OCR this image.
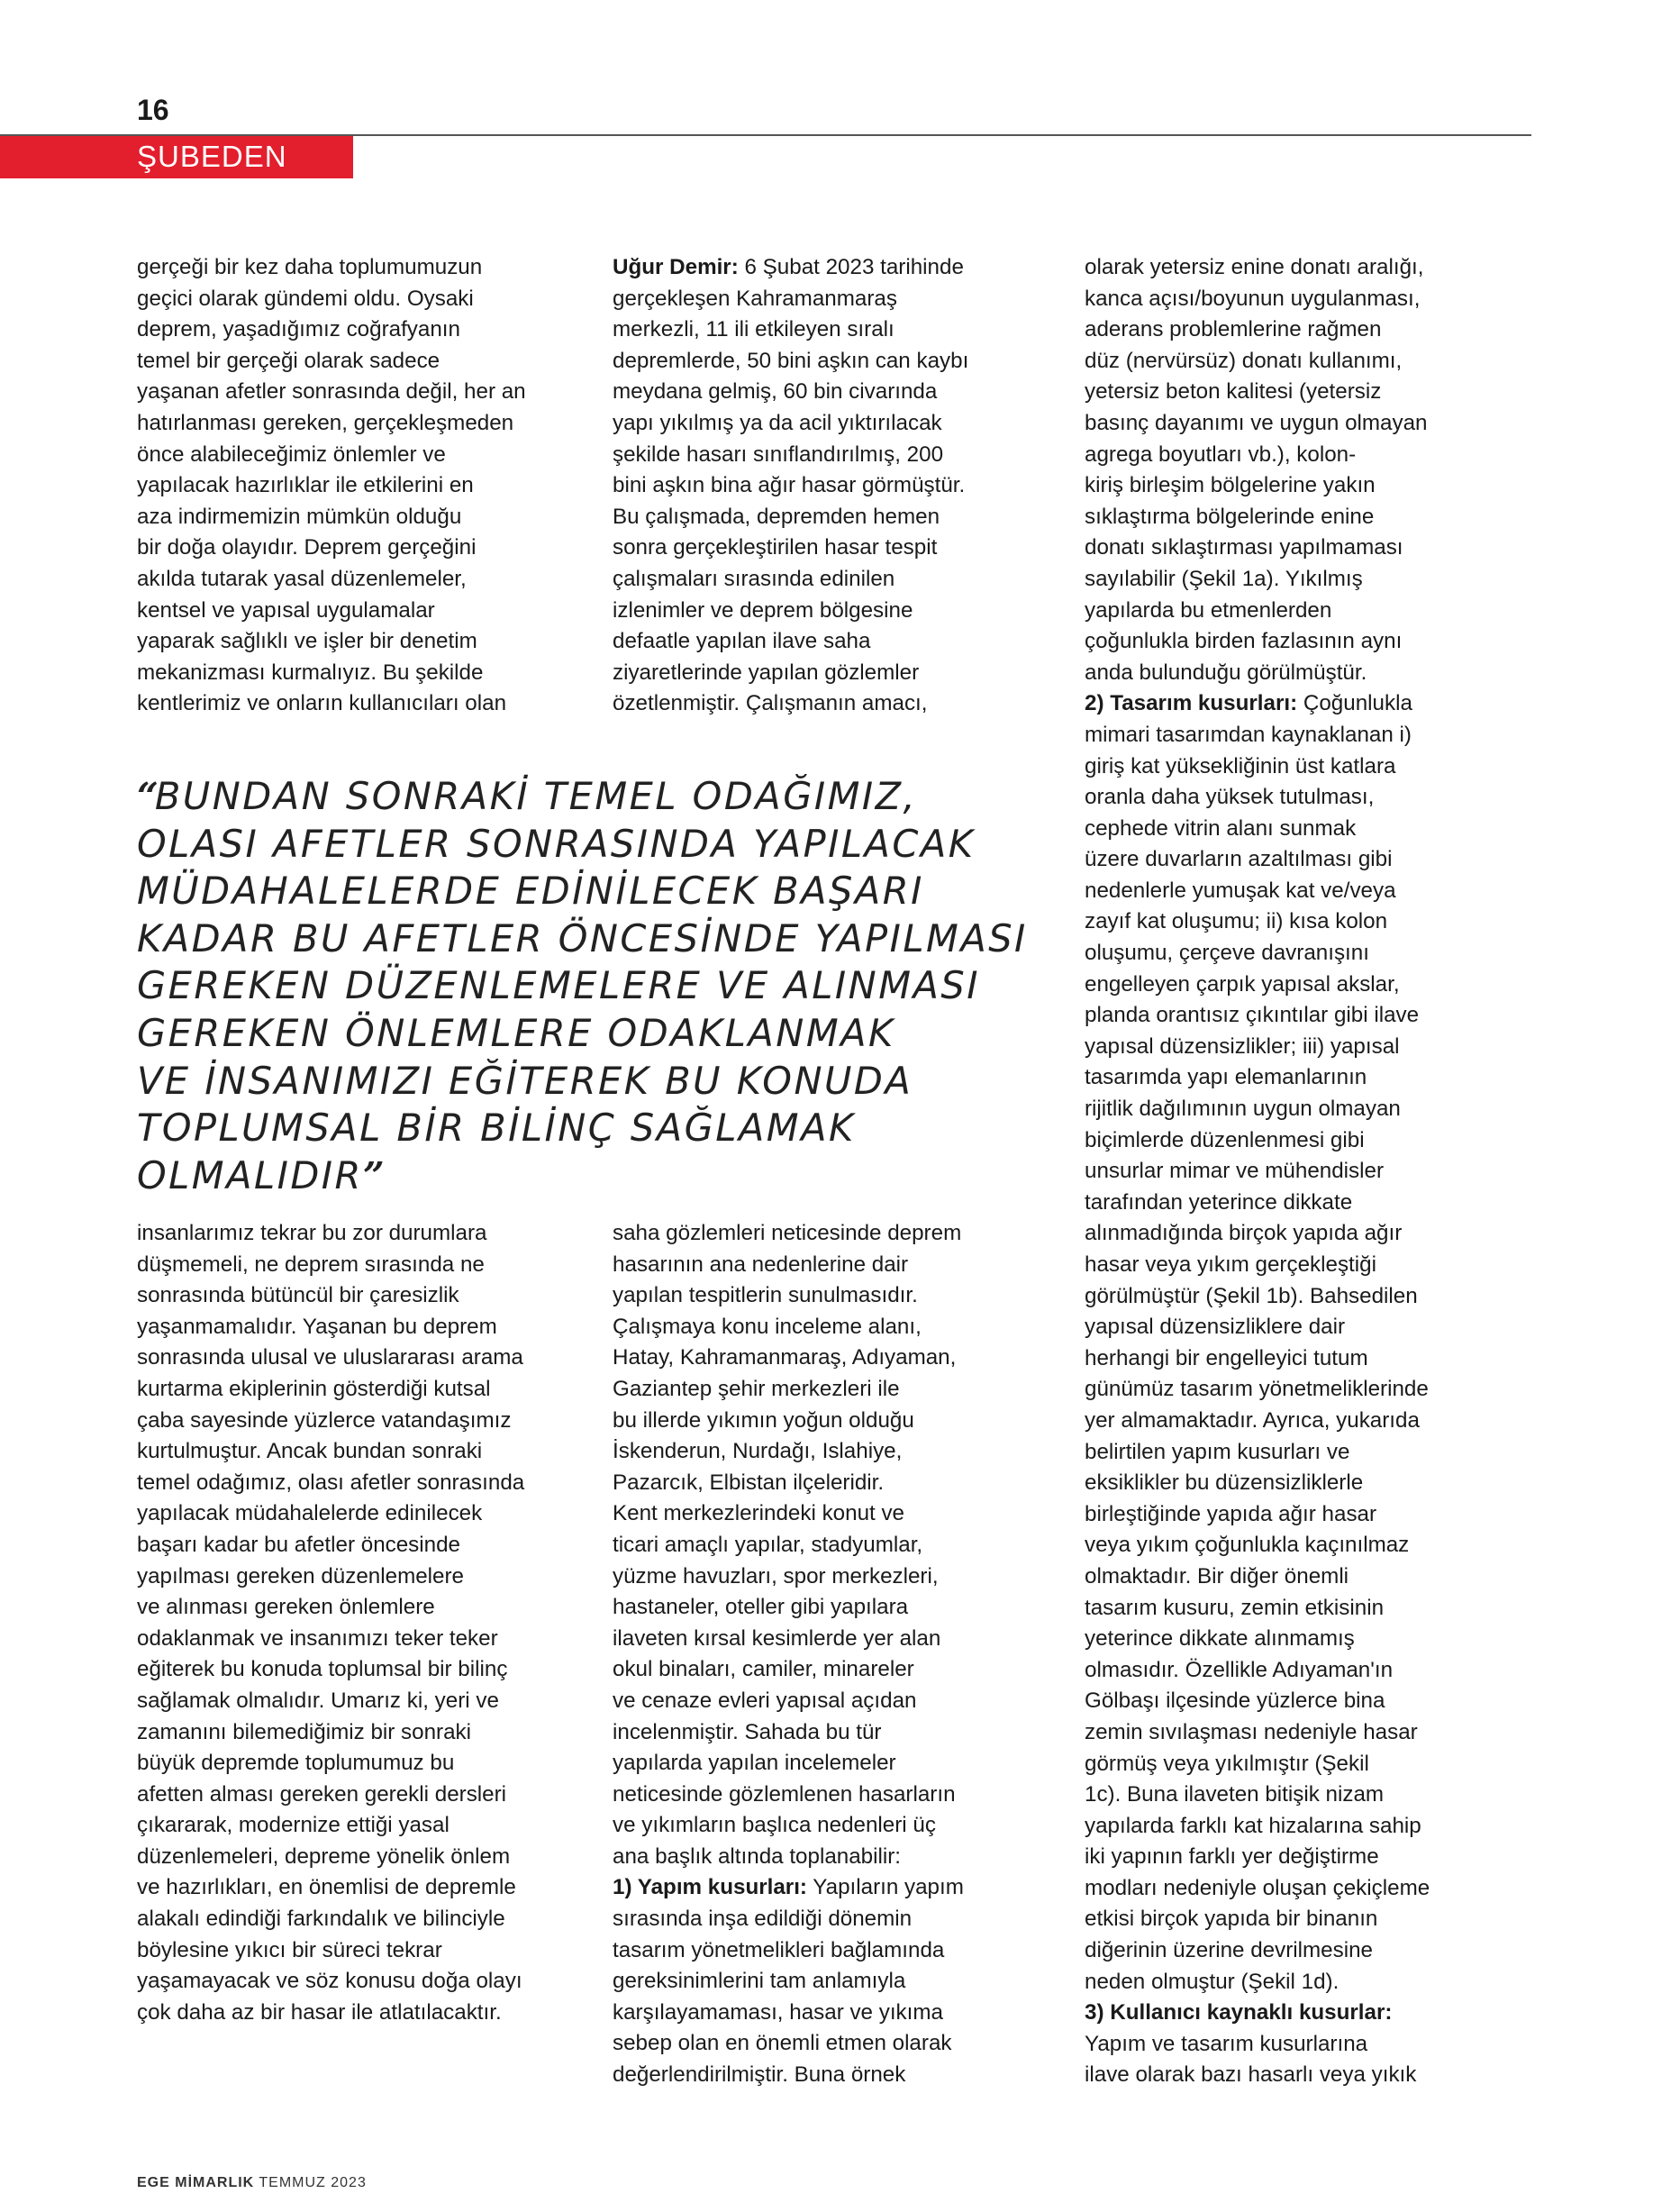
16
ŞUBEDEN

gerçeği bir kez daha toplumumuzun
geçici olarak gündemi oldu. Oysaki
deprem, yaşadığımız coğrafyanın
temel bir gerçeği olarak sadece
yaşanan afetler sonrasında değil, her an
hatırlanması gereken, gerçekleşmeden
önce alabileceğimiz önlemler ve
yapılacak hazırlıklar ile etkilerini en
aza indirmemizin mümkün olduğu
bir doğa olayıdır. Deprem gerçeğini
akılda tutarak yasal düzenlemeler,
kentsel ve yapısal uygulamalar
yaparak sağlıklı ve işler bir denetim
mekanizması kurmalıyız. Bu şekilde
kentlerimiz ve onların kullanıcıları olan

Uğur Demir: 6 Şubat 2023 tarihinde
gerçekleşen Kahramanmaraş
merkezli, 11 ili etkileyen sıralı
depremlerde, 50 bini aşkın can kaybı
meydana gelmiş, 60 bin civarında
yapı yıkılmış ya da acil yıktırılacak
şekilde hasarı sınıflandırılmış, 200
bini aşkın bina ağır hasar görmüştür.
Bu çalışmada, depremden hemen
sonra gerçekleştirilen hasar tespit
çalışmaları sırasında edinilen
izlenimler ve deprem bölgesine
defaatle yapılan ilave saha
ziyaretlerinde yapılan gözlemler
özetlenmiştir. Çalışmanın amacı,

“BUNDAN SONRAKİ TEMEL ODAĞIMIZ,
OLASI AFETLER SONRASINDA YAPILACAK
MÜDAHALELERDE EDİNİLECEK BAŞARI
KADAR BU AFETLER ÖNCESİNDE YAPILMASI
GEREKEN DÜZENLEMELERE VE ALINMASI
GEREKEN ÖNLEMLERE ODAKLANMAK
VE İNSANIMIZI EĞİTEREK BU KONUDA
TOPLUMSAL BİR BİLİNÇ SAĞLAMAK
OLMALIDIR”

insanlarımız tekrar bu zor durumlara
düşmemeli, ne deprem sırasında ne
sonrasında bütüncül bir çaresizlik
yaşanmamalıdır. Yaşanan bu deprem
sonrasında ulusal ve uluslararası arama
kurtarma ekiplerinin gösterdiği kutsal
çaba sayesinde yüzlerce vatandaşımız
kurtulmuştur. Ancak bundan sonraki
temel odağımız, olası afetler sonrasında
yapılacak müdahalelerde edinilecek
başarı kadar bu afetler öncesinde
yapılması gereken düzenlemelere
ve alınması gereken önlemlere
odaklanmak ve insanımızı teker teker
eğiterek bu konuda toplumsal bir bilinç
sağlamak olmalıdır. Umarız ki, yeri ve
zamanını bilemediğimiz bir sonraki
büyük depremde toplumumuz bu
afetten alması gereken gerekli dersleri
çıkararak, modernize ettiği yasal
düzenlemeleri, depreme yönelik önlem
ve hazırlıkları, en önemlisi de depremle
alakalı edindiği farkındalık ve bilinciyle
böylesine yıkıcı bir süreci tekrar
yaşamayacak ve söz konusu doğa olayı
çok daha az bir hasar ile atlatılacaktır.

saha gözlemleri neticesinde deprem
hasarının ana nedenlerine dair
yapılan tespitlerin sunulmasıdır.
Çalışmaya konu inceleme alanı,
Hatay, Kahramanmaraş, Adıyaman,
Gaziantep şehir merkezleri ile
bu illerde yıkımın yoğun olduğu
İskenderun, Nurdağı, Islahiye,
Pazarcık, Elbistan ilçeleridir.
Kent merkezlerindeki konut ve
ticari amaçlı yapılar, stadyumlar,
yüzme havuzları, spor merkezleri,
hastaneler, oteller gibi yapılara
ilaveten kırsal kesimlerde yer alan
okul binaları, camiler, minareler
ve cenaze evleri yapısal açıdan
incelenmiştir. Sahada bu tür
yapılarda yapılan incelemeler
neticesinde gözlemlenen hasarların
ve yıkımların başlıca nedenleri üç
ana başlık altında toplanabilir:
1) Yapım kusurları: Yapıların yapım
sırasında inşa edildiği dönemin
tasarım yönetmelikleri bağlamında
gereksinimlerini tam anlamıyla
karşılayamaması, hasar ve yıkıma
sebep olan en önemli etmen olarak
değerlendirilmiştir. Buna örnek

olarak yetersiz enine donatı aralığı,
kanca açısı/boyunun uygulanması,
aderans problemlerine rağmen
düz (nervürsüz) donatı kullanımı,
yetersiz beton kalitesi (yetersiz
basınç dayanımı ve uygun olmayan
agrega boyutları vb.), kolon-
kiriş birleşim bölgelerine yakın
sıklaştırma bölgelerinde enine
donatı sıklaştırması yapılmaması
sayılabilir (Şekil 1a). Yıkılmış
yapılarda bu etmenlerden
çoğunlukla birden fazlasının aynı
anda bulunduğu görülmüştür.
2) Tasarım kusurları: Çoğunlukla
mimari tasarımdan kaynaklanan i)
giriş kat yüksekliğinin üst katlara
oranla daha yüksek tutulması,
cephede vitrin alanı sunmak
üzere duvarların azaltılması gibi
nedenlerle yumuşak kat ve/veya
zayıf kat oluşumu; ii) kısa kolon
oluşumu, çerçeve davranışını
engelleyen çarpık yapısal akslar,
planda orantısız çıkıntılar gibi ilave
yapısal düzensizlikler; iii) yapısal
tasarımda yapı elemanlarının
rijitlik dağılımının uygun olmayan
biçimlerde düzenlenmesi gibi
unsurlar mimar ve mühendisler
tarafından yeterince dikkate
alınmadığında birçok yapıda ağır
hasar veya yıkım gerçekleştiği
görülmüştür (Şekil 1b). Bahsedilen
yapısal düzensizliklere dair
herhangi bir engelleyici tutum
günümüz tasarım yönetmeliklerinde
yer almamaktadır. Ayrıca, yukarıda
belirtilen yapım kusurları ve
eksiklikler bu düzensizliklerle
birleştiğinde yapıda ağır hasar
veya yıkım çoğunlukla kaçınılmaz
olmaktadır. Bir diğer önemli
tasarım kusuru, zemin etkisinin
yeterince dikkate alınmamış
olmasıdır. Özellikle Adıyaman'ın
Gölbaşı ilçesinde yüzlerce bina
zemin sıvılaşması nedeniyle hasar
görmüş veya yıkılmıştır (Şekil
1c). Buna ilaveten bitişik nizam
yapılarda farklı kat hizalarına sahip
iki yapının farklı yer değiştirme
modları nedeniyle oluşan çekiçleme
etkisi birçok yapıda bir binanın
diğerinin üzerine devrilmesine
neden olmuştur (Şekil 1d).
3) Kullanıcı kaynaklı kusurlar:
Yapım ve tasarım kusurlarına
ilave olarak bazı hasarlı veya yıkık

EGE MİMARLIK TEMMUZ 2023
